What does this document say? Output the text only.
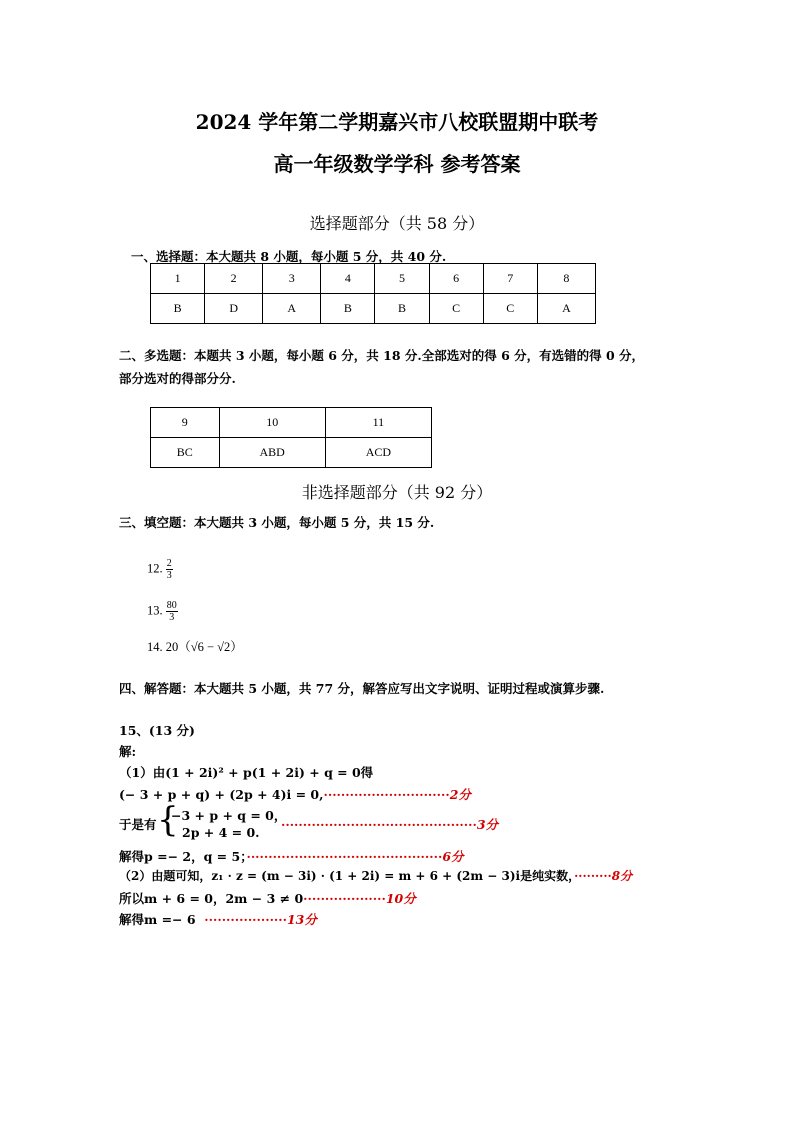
2024 学年第二学期嘉兴市八校联盟期中联考
高一年级数学学科 参考答案
选择题部分（共 58 分）
一、选择题：本大题共 8 小题，每小题 5 分，共 40 分.
1	2	3	4	5	6	7	8
B	D	A	B	B	C	C	A
二、多选题：本题共 3 小题，每小题 6 分，共 18 分.全部选对的得 6 分，有选错的得 0 分，
部分选对的得部分分.
9	10	11
BC	ABD	ACD
非选择题部分（共 92 分）
三、填空题：本大题共 3 小题，每小题 5 分，共 15 分.
12. $\frac{2}{3}$
13. $\frac{80}{3}$
14. 20（√6 − √2）
四、解答题：本大题共 5 小题，共 77 分，解答应写出文字说明、证明过程或演算步骤.
15、(13 分)
解:
（1）由(1 + 2i)² + p(1 + 2i) + q = 0得
(− 3 + p + q) + (2p + 4)i = 0,·····························2分
于是有 {
−3 + p + q = 0，
2p + 4 = 0.
·············································3分
解得p =− 2，q = 5；·············································6分
（2）由题可知，z₁ · z = (m − 3i) · (1 + 2i) = m + 6 + (2m − 3)i是纯实数，·········8分
所以m + 6 = 0，2m − 3 ≠ 0···················10分
解得m =− 6 ···················13分
